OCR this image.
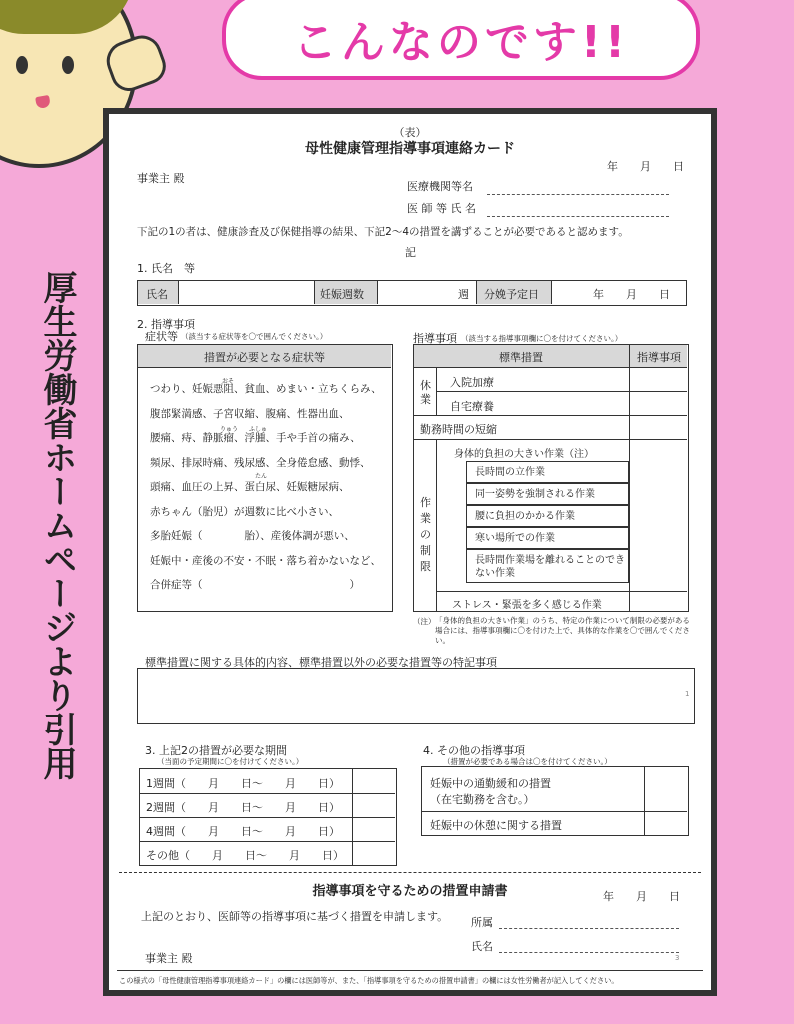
こんなのです!!
厚生労働省ホームページより引用
（表）
母性健康管理指導事項連絡カード
年　　月　　日
事業主 殿
医療機関等名
医 師 等 氏 名
下記の1の者は、健康診査及び保健指導の結果、下記2～4の措置を講ずることが必要であると認めます。
記
1. 氏名　等
氏名	妊娠週数	週 分娩予定日	年　　月　　日
2. 指導事項
症状等 （該当する症状等を〇で囲んでください。）
措置が必要となる症状等
つわり、妊娠悪阻、貧血、めまい・立ちくらみ、
腹部緊満感、子宮収縮、腹痛、性器出血、
腰痛、痔、静脈瘤、浮腫、手や手首の痛み、
頻尿、排尿時痛、残尿感、全身倦怠感、動悸、
頭痛、血圧の上昇、蛋白尿、妊娠糖尿病、
赤ちゃん（胎児）が週数に比べ小さい、
多胎妊娠（　　　　胎）、産後体調が悪い、
妊娠中・産後の不安・不眠・落ち着かないなど、
合併症等（　　　　　　　　　　　　　　）
おそ
りゅう ふしゅ
たん
指導事項 （該当する指導事項欄に〇を付けてください。）
標準措置	指導事項
休業
入院加療
自宅療養
勤務時間の短縮
作業の制限
身体的負担の大きい作業（注）
長時間の立作業
同一姿勢を強制される作業
腰に負担のかかる作業
寒い場所での作業
長時間作業場を離れることのできない作業
ストレス・緊張を多く感じる作業
（注） 「身体的負担の大きい作業」のうち、特定の作業について制限の必要がある場合には、指導事項欄に〇を付けた上で、具体的な作業を〇で囲んでください。
標準措置に関する具体的内容、標準措置以外の必要な措置等の特記事項
1
3. 上記2の措置が必要な期間
（当面の予定期間に〇を付けてください。）
1週間（　　月　　日～　　月　　日）
2週間（　　月　　日～　　月　　日）
4週間（　　月　　日～　　月　　日）
その他（　　月　　日～　　月　　日）
4. その他の指導事項
（措置が必要である場合は〇を付けてください。）
妊娠中の通勤緩和の措置
（在宅勤務を含む。）
妊娠中の休憩に関する措置
指導事項を守るための措置申請書	年　　月　　日
上記のとおり、医師等の指導事項に基づく措置を申請します。 所属
氏名
事業主 殿	3
この様式の「母性健康管理指導事項連絡カード」の欄には医師等が、また、「指導事項を守るための措置申請書」の欄には女性労働者が記入してください。
